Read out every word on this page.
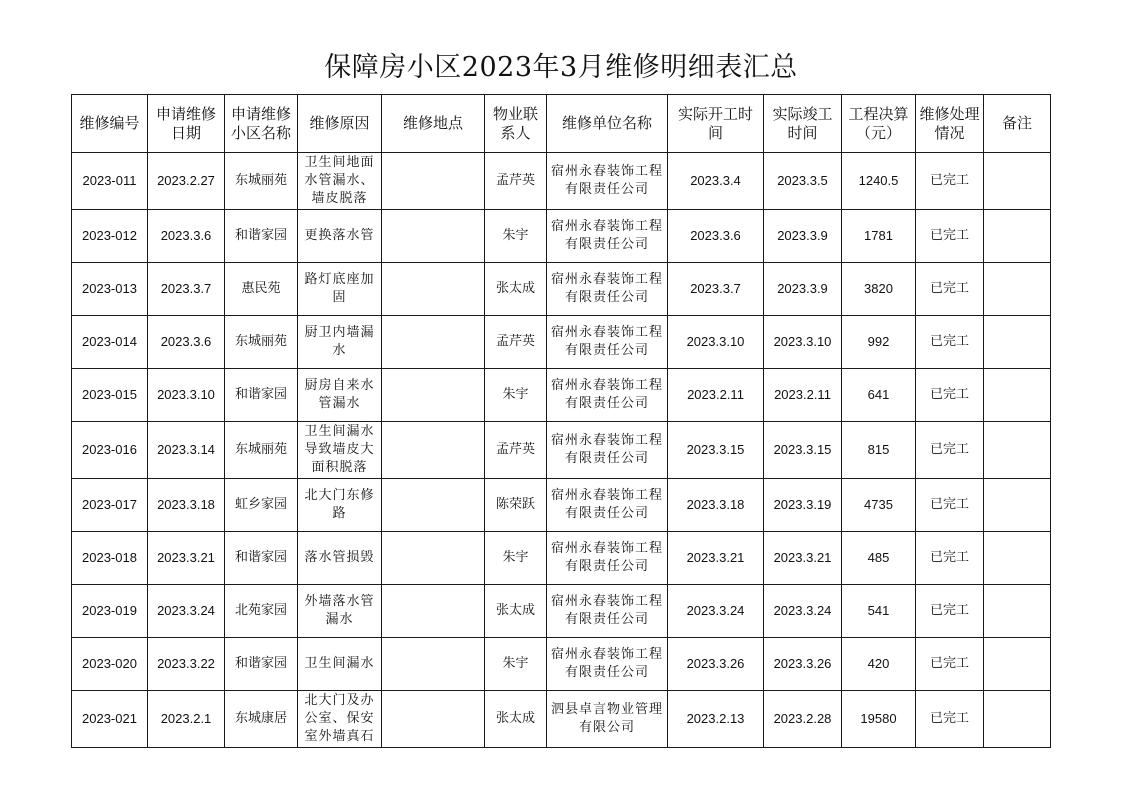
保障房小区2023年3月维修明细表汇总
维修编号	申请维修日期	申请维修小区名称	维修原因	维修地点	物业联系人	维修单位名称	实际开工时间	实际竣工时间	工程决算（元）	维修处理情况	备注
2023-011	2023.2.27	东城丽苑	卫生间地面水管漏水、墙皮脱落		孟芹英	宿州永春装饰工程有限责任公司	2023.3.4	2023.3.5	1240.5	已完工	
2023-012	2023.3.6	和谐家园	更换落水管		朱宇	宿州永春装饰工程有限责任公司	2023.3.6	2023.3.9	1781	已完工	
2023-013	2023.3.7	惠民苑	路灯底座加固		张太成	宿州永春装饰工程有限责任公司	2023.3.7	2023.3.9	3820	已完工	
2023-014	2023.3.6	东城丽苑	厨卫内墙漏水		孟芹英	宿州永春装饰工程有限责任公司	2023.3.10	2023.3.10	992	已完工	
2023-015	2023.3.10	和谐家园	厨房自来水管漏水		朱宇	宿州永春装饰工程有限责任公司	2023.2.11	2023.2.11	641	已完工	
2023-016	2023.3.14	东城丽苑	卫生间漏水导致墙皮大面积脱落		孟芹英	宿州永春装饰工程有限责任公司	2023.3.15	2023.3.15	815	已完工	
2023-017	2023.3.18	虹乡家园	北大门东修路		陈荣跃	宿州永春装饰工程有限责任公司	2023.3.18	2023.3.19	4735	已完工	
2023-018	2023.3.21	和谐家园	落水管损毁		朱宇	宿州永春装饰工程有限责任公司	2023.3.21	2023.3.21	485	已完工	
2023-019	2023.3.24	北苑家园	外墙落水管漏水		张太成	宿州永春装饰工程有限责任公司	2023.3.24	2023.3.24	541	已完工	
2023-020	2023.3.22	和谐家园	卫生间漏水		朱宇	宿州永春装饰工程有限责任公司	2023.3.26	2023.3.26	420	已完工	
2023-021	2023.2.1	东城康居	北大门及办公室、保安室外墙真石		张太成	泗县卓言物业管理有限公司	2023.2.13	2023.2.28	19580	已完工	
